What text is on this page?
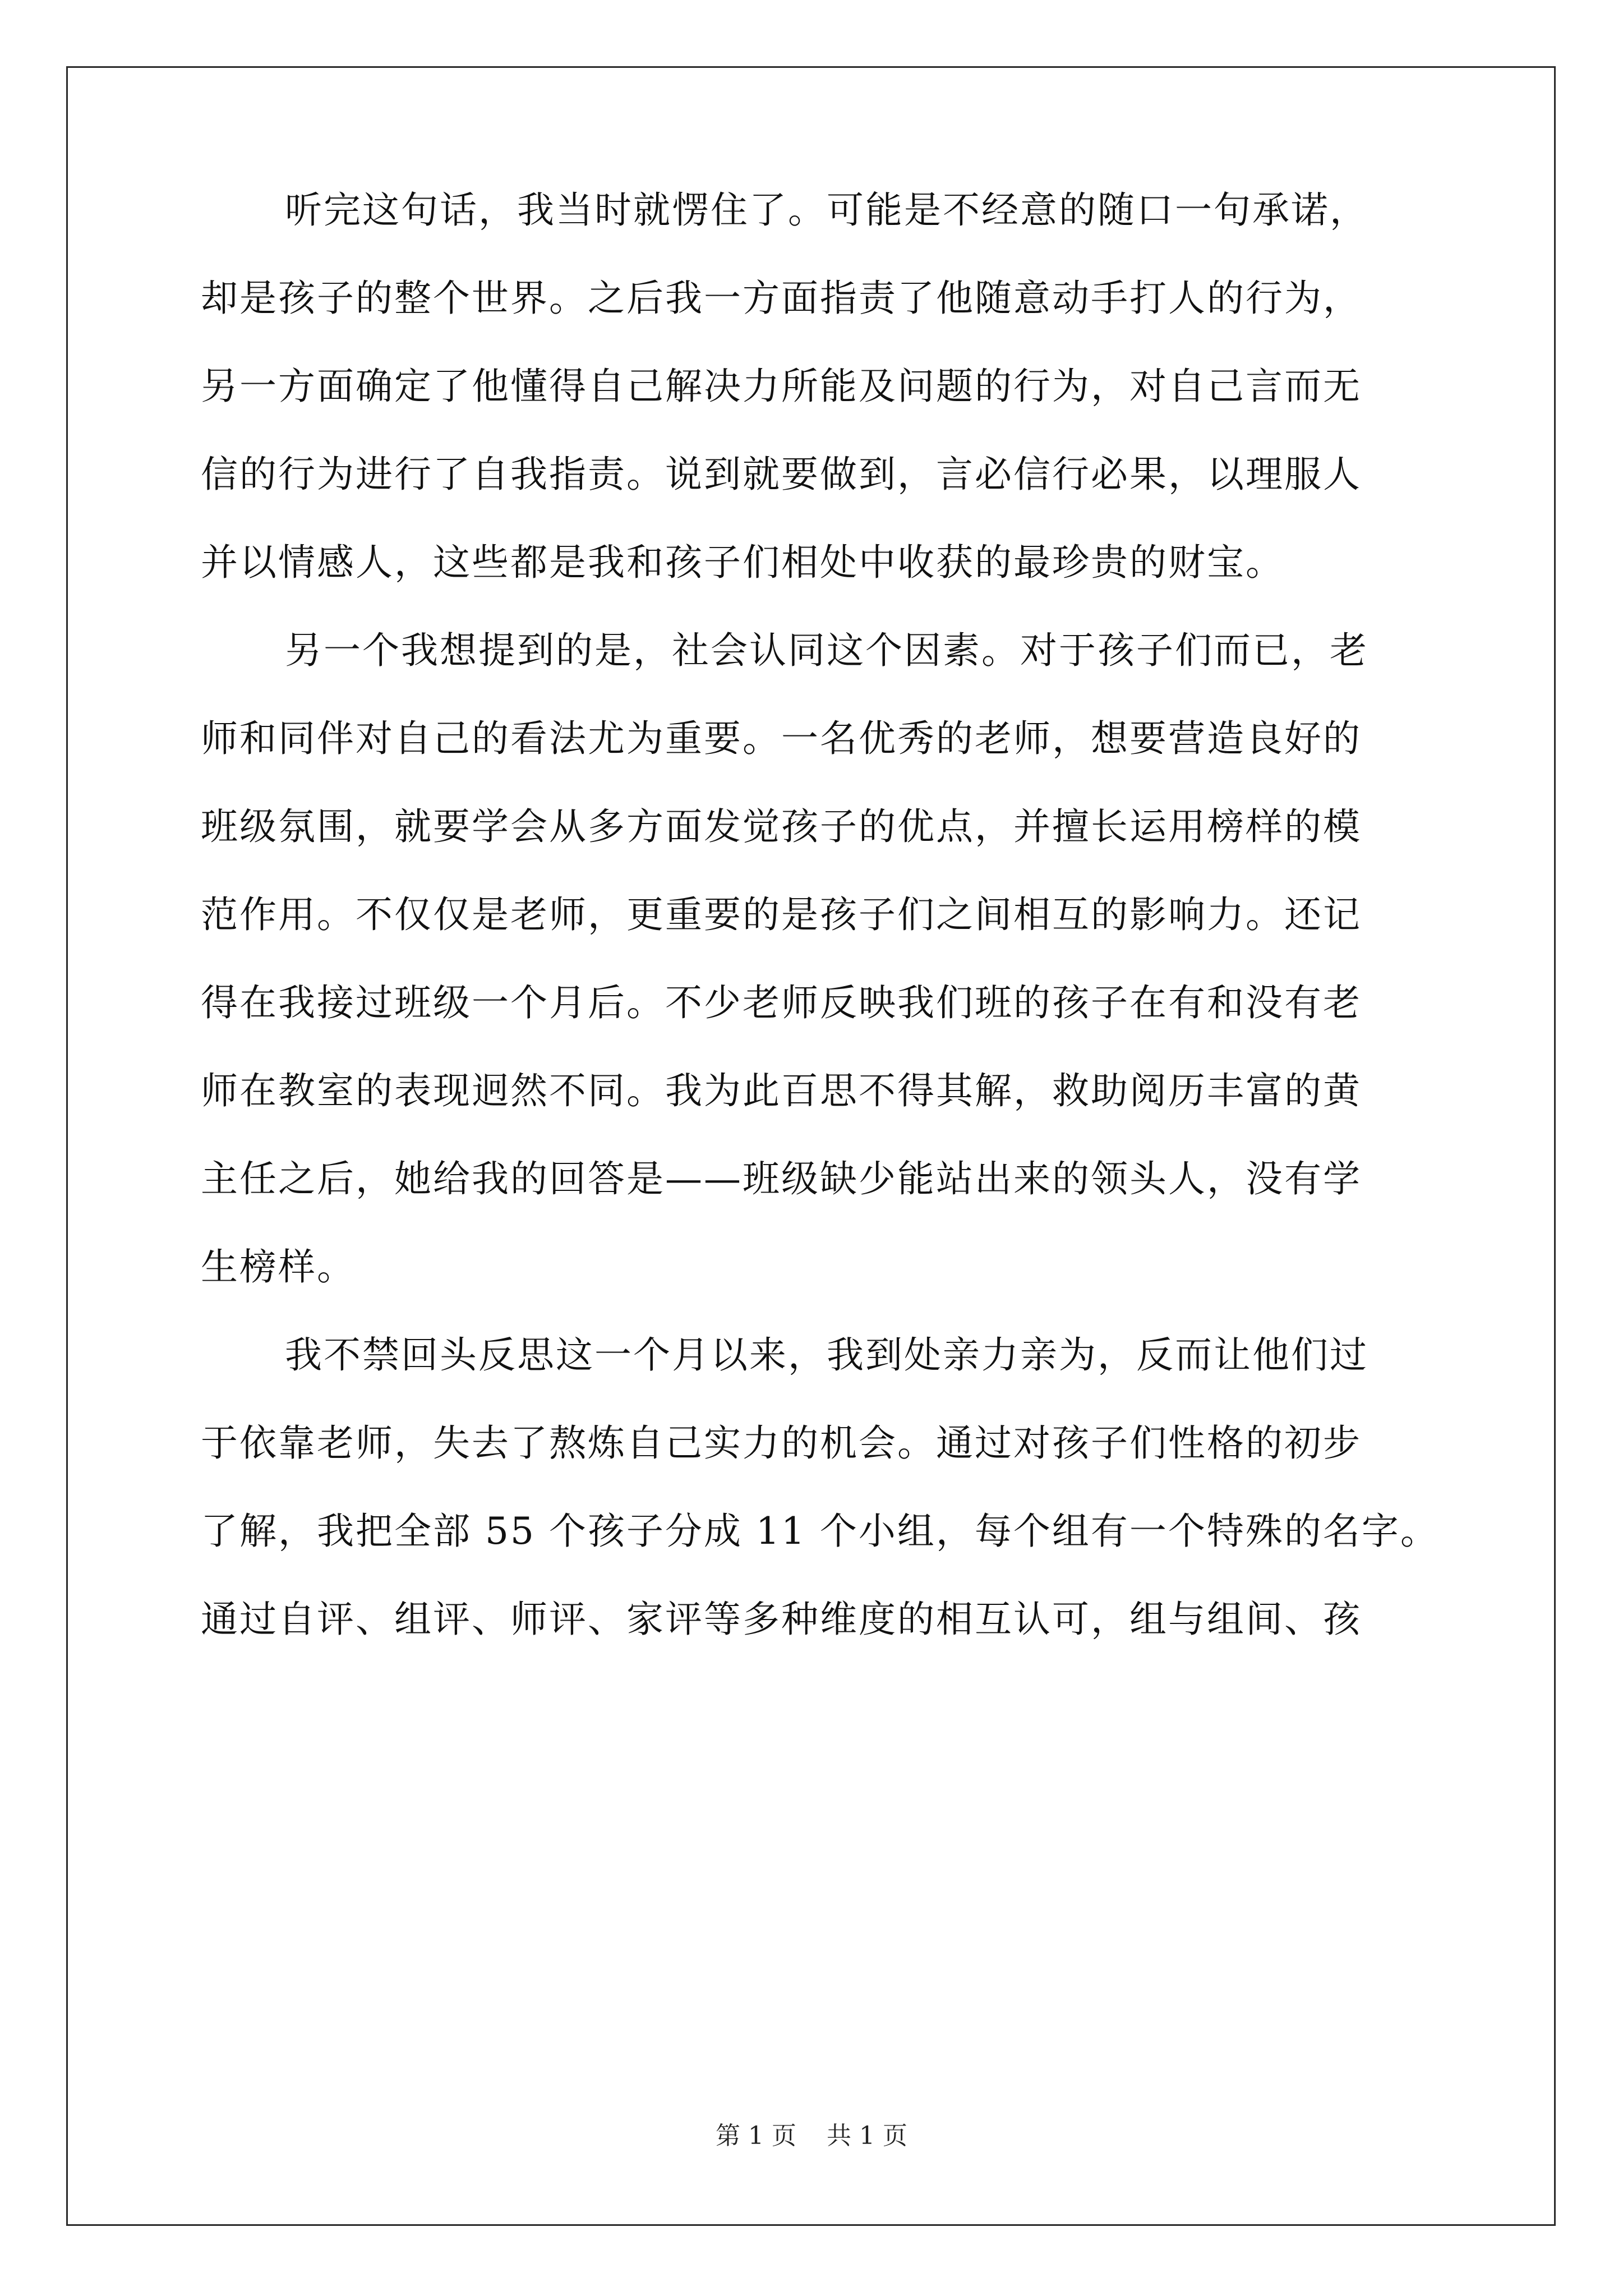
听完这句话，我当时就愣住了。可能是不经意的随口一句承诺，
却是孩子的整个世界。之后我一方面指责了他随意动手打人的行为，
另一方面确定了他懂得自己解决力所能及问题的行为，对自己言而无
信的行为进行了自我指责。说到就要做到，言必信行必果，以理服人
并以情感人，这些都是我和孩子们相处中收获的最珍贵的财宝。
另一个我想提到的是，社会认同这个因素。对于孩子们而已，老
师和同伴对自己的看法尤为重要。一名优秀的老师，想要营造良好的
班级氛围，就要学会从多方面发觉孩子的优点，并擅长运用榜样的模
范作用。不仅仅是老师，更重要的是孩子们之间相互的影响力。还记
得在我接过班级一个月后。不少老师反映我们班的孩子在有和没有老
师在教室的表现迥然不同。我为此百思不得其解，救助阅历丰富的黄
主任之后，她给我的回答是——班级缺少能站出来的领头人，没有学
生榜样。
我不禁回头反思这一个月以来，我到处亲力亲为，反而让他们过
于依靠老师，失去了熬炼自己实力的机会。通过对孩子们性格的初步
了解，我把全部 55 个孩子分成 11 个小组，每个组有一个特殊的名字。
通过自评、组评、师评、家评等多种维度的相互认可，组与组间、孩
第 1 页 共 1 页
